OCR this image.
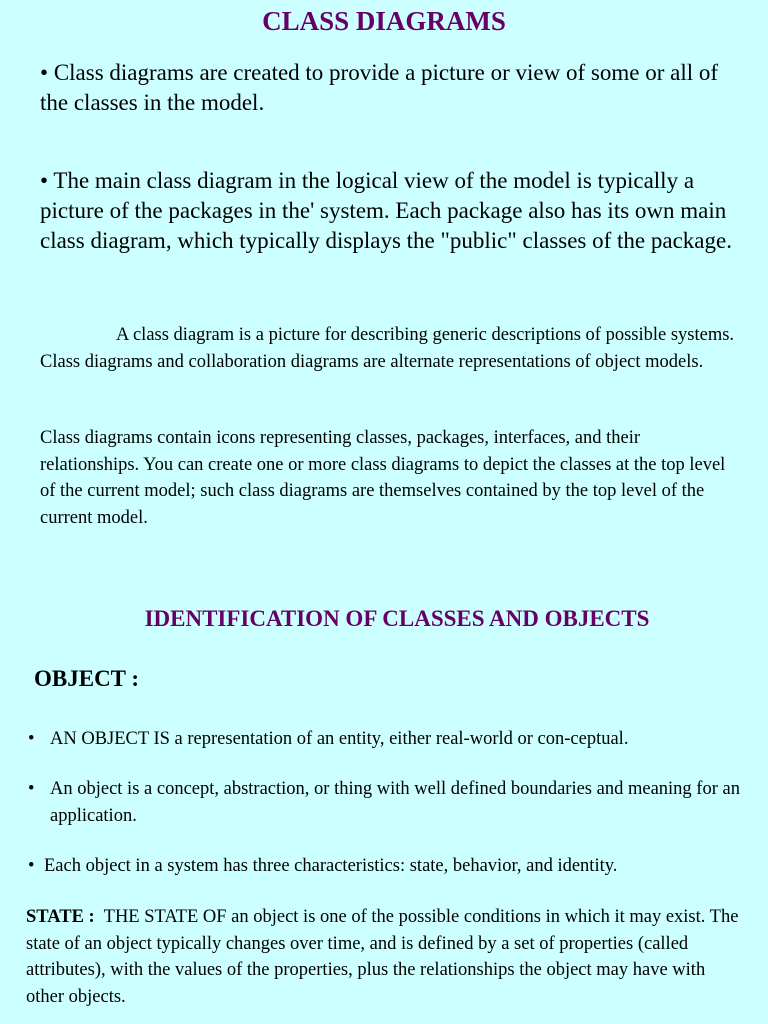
CLASS DIAGRAMS
• Class diagrams are created to provide a picture or view of some or all of the classes in the model.
• The main class diagram in the logical view of the model is typically a picture of the packages in the' system. Each package also has its own main class diagram, which typically displays the "public" classes of the package.
A class diagram is a picture for describing generic descriptions of possible systems. Class diagrams and collaboration diagrams are alternate representations of object models.
Class diagrams contain icons representing classes, packages, interfaces, and their relationships. You can create one or more class diagrams to depict the classes at the top level of the current model; such class diagrams are themselves contained by the top level of the current model.
IDENTIFICATION OF CLASSES AND OBJECTS
OBJECT :
• AN OBJECT IS a representation of an entity, either real-world or con-ceptual.
• An object is a concept, abstraction, or thing with well defined boundaries and meaning for an application.
• Each object in a system has three characteristics: state, behavior, and identity.
STATE : THE STATE OF an object is one of the possible conditions in which it may exist. The state of an object typically changes over time, and is defined by a set of properties (called attributes), with the values of the properties, plus the relationships the object may have with other objects.
